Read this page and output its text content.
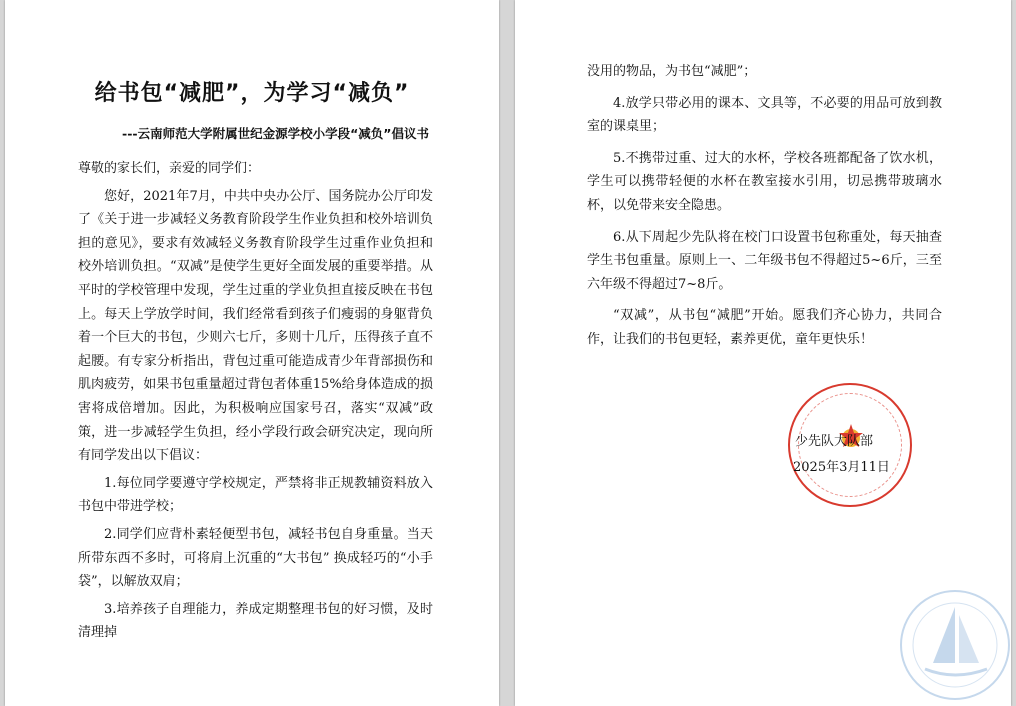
给书包“减肥”，为学习“减负”
---云南师范大学附属世纪金源学校小学段“减负”倡议书

尊敬的家长们，亲爱的同学们：

您好，2021年7月，中共中央办公厅、国务院办公厅印发了《关于进一步减轻义务教育阶段学生作业负担和校外培训负担的意见》，要求有效减轻义务教育阶段学生过重作业负担和校外培训负担。“双减”是使学生更好全面发展的重要举措。从平时的学校管理中发现，学生过重的学业负担直接反映在书包上。每天上学放学时间，我们经常看到孩子们瘦弱的身躯背负着一个巨大的书包，少则六七斤，多则十几斤，压得孩子直不起腰。有专家分析指出，背包过重可能造成青少年背部损伤和肌肉疲劳，如果书包重量超过背包者体重15%给身体造成的损害将成倍增加。因此，为积极响应国家号召，落实“双减”政策，进一步减轻学生负担，经小学段行政会研究决定，现向所有同学发出以下倡议：

1.每位同学要遵守学校规定，严禁将非正规教辅资料放入书包中带进学校；

2.同学们应背朴素轻便型书包，减轻书包自身重量。当天所带东西不多时，可将肩上沉重的“大书包” 换成轻巧的“小手袋”，以解放双肩；

3.培养孩子自理能力，养成定期整理书包的好习惯，及时清理掉

没用的物品，为书包“减肥”；

4.放学只带必用的课本、文具等，不必要的用品可放到教室的课桌里；

5.不携带过重、过大的水杯，学校各班都配备了饮水机，学生可以携带轻便的水杯在教室接水引用，切忌携带玻璃水杯，以免带来安全隐患。

6.从下周起少先队将在校门口设置书包称重处，每天抽查学生书包重量。原则上一、二年级书包不得超过5~6斤，三至六年级不得超过7~8斤。

“双减”，从书包“减肥”开始。愿我们齐心协力，共同合作，让我们的书包更轻，素养更优，童年更快乐！

少先队大队部
2025年3月11日
